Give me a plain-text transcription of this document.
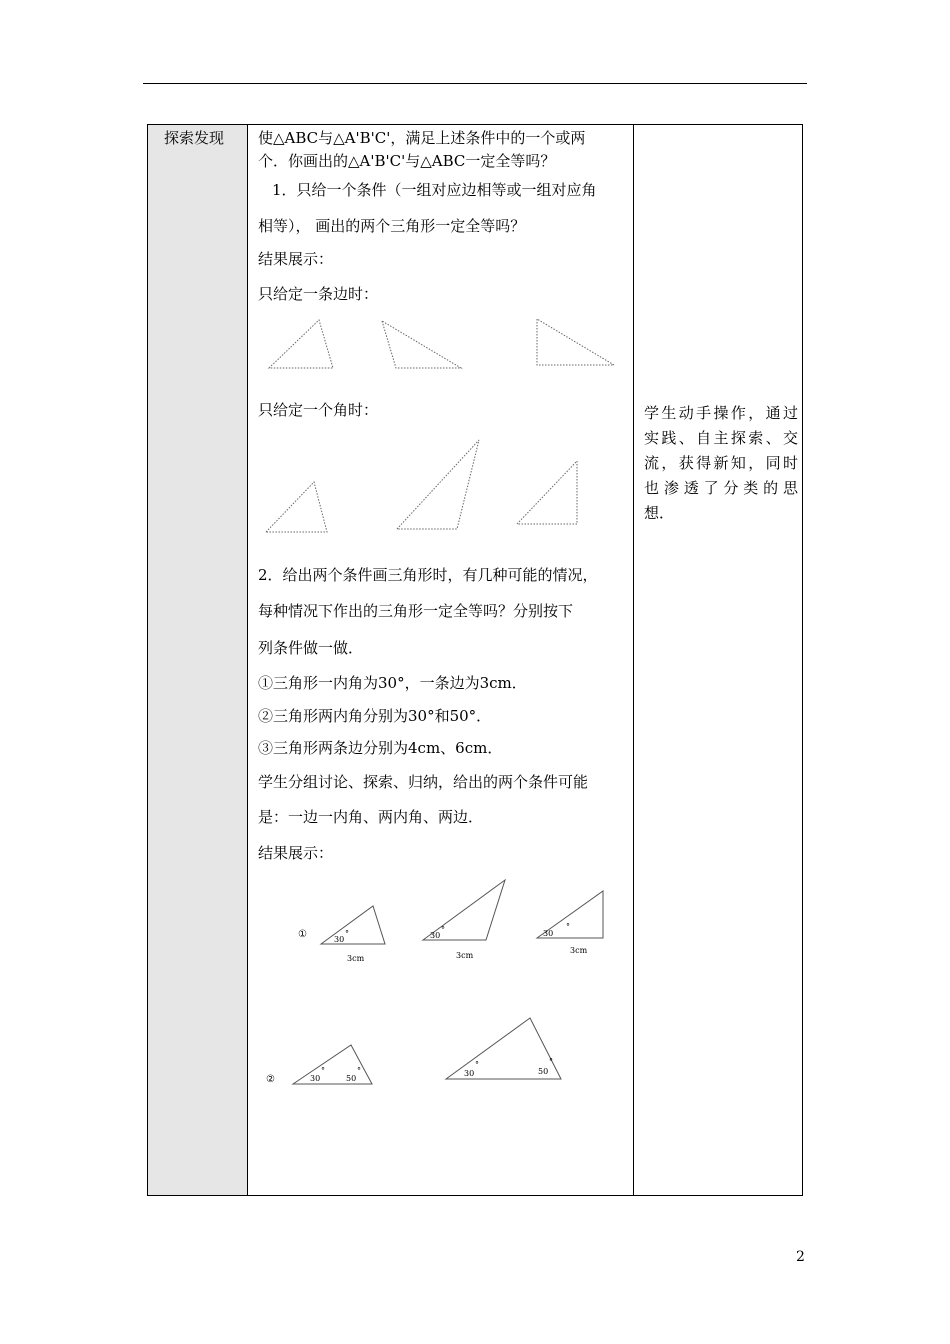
探索发现 使△ABC与△A'B'C'，满足上述条件中的一个或两
个．你画出的△A'B'C'与△ABC一定全等吗？
1．只给一个条件（一组对应边相等或一组对应角
相等）， 画出的两个三角形一定全等吗？
结果展示：
只给定一条边时：
只给定一个角时：
2．给出两个条件画三角形时，有几种可能的情况，
每种情况下作出的三角形一定全等吗？分别按下
列条件做一做．
①三角形一内角为30°，一条边为3cm．
②三角形两内角分别为30°和50°．
③三角形两条边分别为4cm、6cm．
学生分组讨论、探索、归纳，给出的两个条件可能
是：一边一内角、两内角、两边．
结果展示：
①	30
°
3cm
30
°
3cm
30
°
3cm
②	30
°
50
°	30
°
50
°
学生动手操作，通过
实践、自主探索、交
流，获得新知，同时
也渗透了分类的思
想．
2
